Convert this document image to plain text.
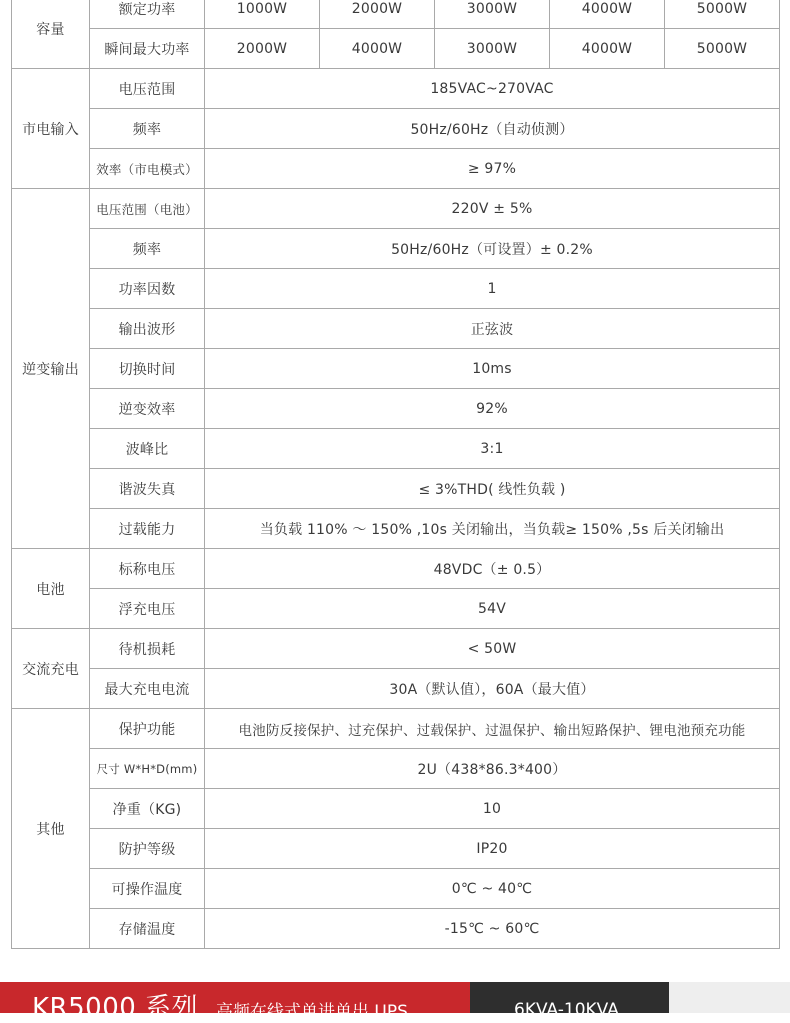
容量	额定功率	1000W	2000W	3000W	4000W	5000W
	瞬间最大功率	2000W	4000W	3000W	4000W	5000W
市电输入	电压范围	185VAC~270VAC				
	频率	50Hz/60Hz（自动侦测）				
	效率（市电模式）	≥ 97%				
逆变输出	电压范围（电池）	220V ± 5%				
	频率	50Hz/60Hz（可设置）± 0.2%				
	功率因数	1				
	输出波形	正弦波				
	切换时间	10ms				
	逆变效率	92%				
	波峰比	3:1				
	谐波失真	≤ 3%THD( 线性负载 )				
	过载能力	当负载 110% ～ 150% ,10s 关闭输出，当负载≥ 150% ,5s 后关闭输出				
电池	标称电压	48VDC（± 0.5）				
	浮充电压	54V				
交流充电	待机损耗	< 50W				
	最大充电电流	30A（默认值），60A（最大值）				
其他	保护功能	电池防反接保护、过充保护、过载保护、过温保护、输出短路保护、锂电池预充功能				
	尺寸 W*H*D(mm)	2U（438*86.3*400）				
	净重（KG)	10				
	防护等级	IP20				
	可操作温度	0℃ ~ 40℃				
	存储温度	-15℃ ~ 60℃				
KR5000 系列 高频在线式单进单出 UPS	6KVA-10KVA
